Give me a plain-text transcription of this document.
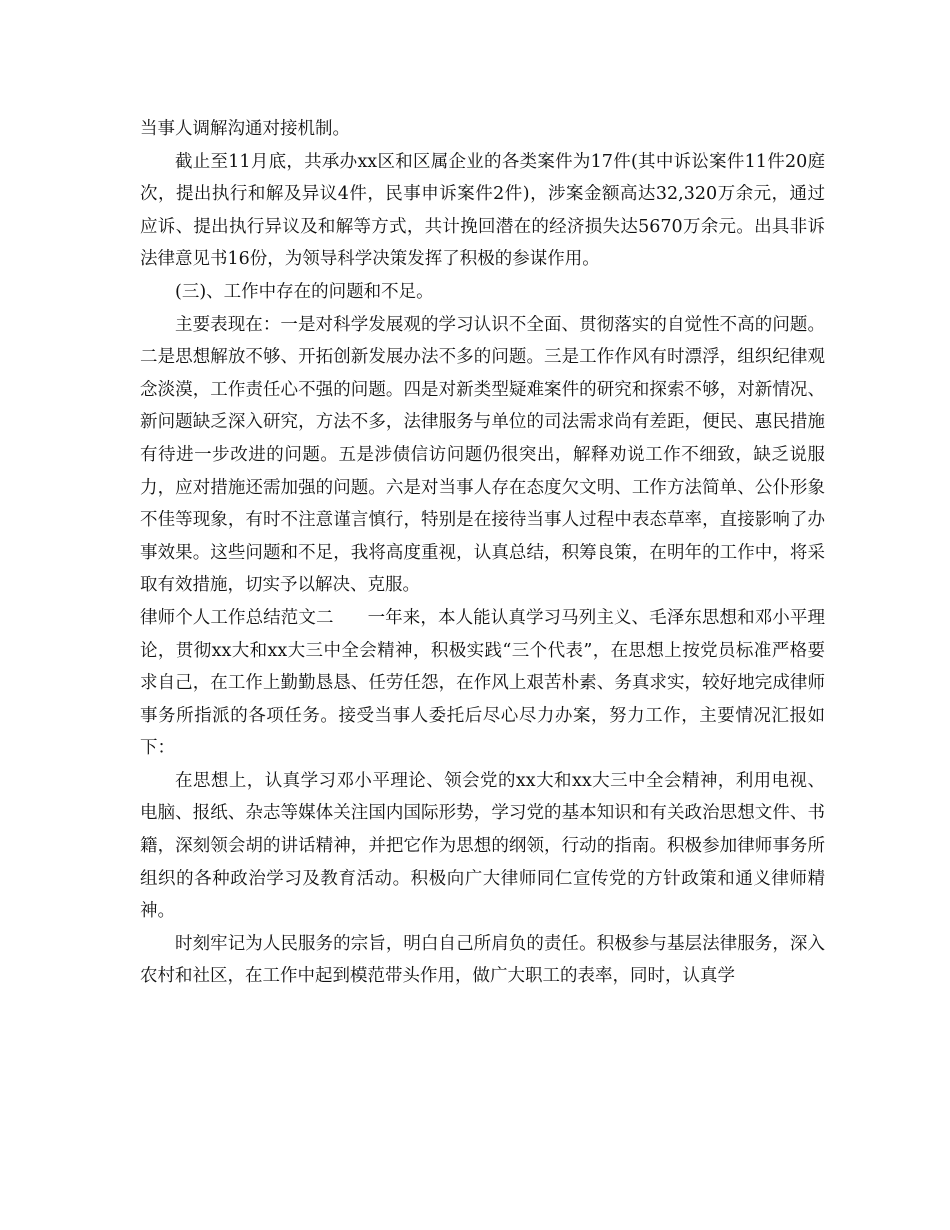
当事人调解沟通对接机制。

截止至11月底，共承办xx区和区属企业的各类案件为17件(其中诉讼案件11件20庭次，提出执行和解及异议4件，民事申诉案件2件)，涉案金额高达32,320万余元，通过应诉、提出执行异议及和解等方式，共计挽回潜在的经济损失达5670万余元。出具非诉法律意见书16份，为领导科学决策发挥了积极的参谋作用。

(三)、工作中存在的问题和不足。

主要表现在：一是对科学发展观的学习认识不全面、贯彻落实的自觉性不高的问题。二是思想解放不够、开拓创新发展办法不多的问题。三是工作作风有时漂浮，组织纪律观念淡漠，工作责任心不强的问题。四是对新类型疑难案件的研究和探索不够，对新情况、新问题缺乏深入研究，方法不多，法律服务与单位的司法需求尚有差距，便民、惠民措施有待进一步改进的问题。五是涉债信访问题仍很突出，解释劝说工作不细致，缺乏说服力，应对措施还需加强的问题。六是对当事人存在态度欠文明、工作方法简单、公仆形象不佳等现象，有时不注意谨言慎行，特别是在接待当事人过程中表态草率，直接影响了办事效果。这些问题和不足，我将高度重视，认真总结，积筹良策，在明年的工作中，将采取有效措施，切实予以解决、克服。

律师个人工作总结范文二 一年来，本人能认真学习马列主义、毛泽东思想和邓小平理论，贯彻xx大和xx大三中全会精神，积极实践“三个代表”，在思想上按党员标准严格要求自己，在工作上勤勤恳恳、任劳任怨，在作风上艰苦朴素、务真求实，较好地完成律师事务所指派的各项任务。接受当事人委托后尽心尽力办案，努力工作，主要情况汇报如下：

在思想上，认真学习邓小平理论、领会党的xx大和xx大三中全会精神，利用电视、电脑、报纸、杂志等媒体关注国内国际形势，学习党的基本知识和有关政治思想文件、书籍，深刻领会胡的讲话精神，并把它作为思想的纲领，行动的指南。积极参加律师事务所组织的各种政治学习及教育活动。积极向广大律师同仁宣传党的方针政策和通义律师精神。

时刻牢记为人民服务的宗旨，明白自己所肩负的责任。积极参与基层法律服务，深入农村和社区，在工作中起到模范带头作用，做广大职工的表率，同时，认真学
